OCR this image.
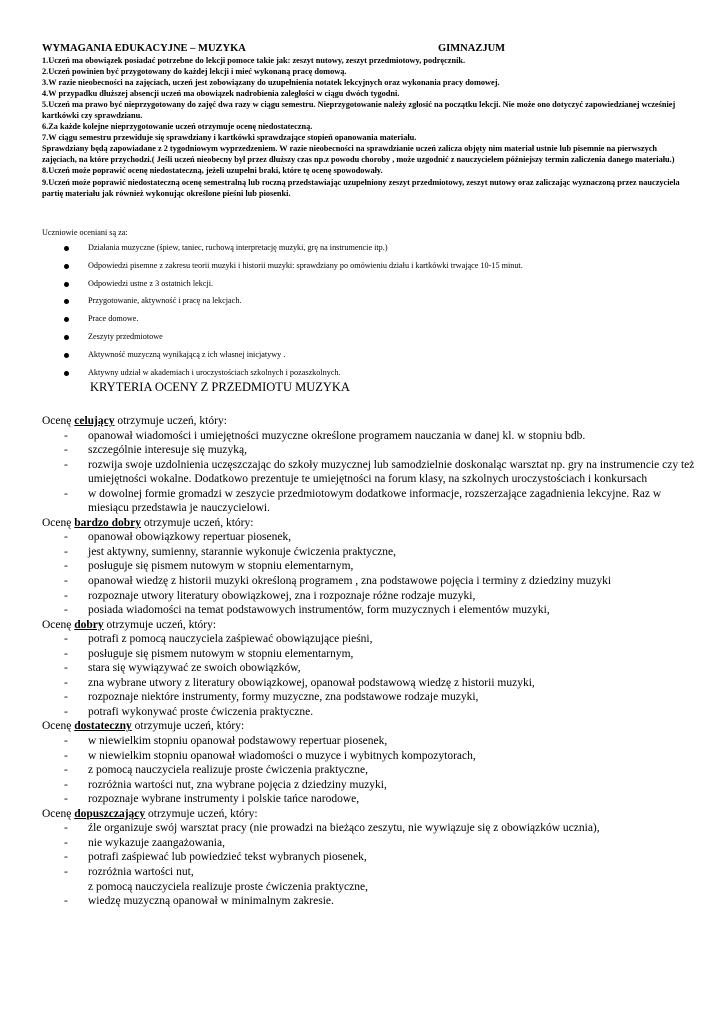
WYMAGANIA EDUKACYJNE – MUZYKA	GIMNAZJUM

1.Uczeń ma obowiązek posiadać potrzebne do lekcji pomoce takie jak: zeszyt nutowy, zeszyt przedmiotowy, podręcznik.

2.Uczeń powinien być przygotowany do każdej lekcji i mieć wykonaną pracę domową.

3.W razie nieobecności na zajęciach, uczeń jest zobowiązany do uzupełnienia notatek lekcyjnych oraz wykonania pracy domowej.

4.W przypadku dłuższej absencji uczeń ma obowiązek nadrobienia zaległości w ciągu dwóch tygodni.

5.Uczeń ma prawo być nieprzygotowany do zajęć dwa razy w ciągu semestru. Nieprzygotowanie należy zgłosić na początku lekcji. Nie może ono dotyczyć zapowiedzianej wcześniej kartkówki czy sprawdzianu.

6.Za każde kolejne nieprzygotowanie uczeń otrzymuje ocenę niedostateczną.

7.W ciągu semestru przewiduje się sprawdziany i kartkówki sprawdzające stopień opanowania materiału.

Sprawdziany będą zapowiadane z 2 tygodniowym wyprzedzeniem. W razie nieobecności na sprawdzianie uczeń zalicza objęty nim materiał ustnie lub pisemnie na pierwszych zajęciach, na które przychodzi.( Jeśli uczeń nieobecny był przez dłuższy czas np.z powodu choroby , może uzgodnić z nauczycielem późniejszy termin zaliczenia danego materiału.)

8.Uczeń może poprawić ocenę niedostateczną, jeżeli uzupełni braki, które tę ocenę spowodowały.

9.Uczeń może poprawić niedostateczną ocenę semestralną lub roczną przedstawiając uzupełniony zeszyt przedmiotowy, zeszyt nutowy oraz zaliczając wyznaczoną przez nauczyciela partię materiału jak również wykonując określone pieśni lub piosenki.

Uczniowie oceniani są za:

Działania muzyczne (śpiew, taniec, ruchową interpretację muzyki, grę na instrumencie itp.)
Odpowiedzi pisemne z zakresu teorii muzyki i historii muzyki: sprawdziany po omówieniu działu i kartkówki trwające 10-15 minut.
Odpowiedzi ustne z 3 ostatnich lekcji.
Przygotowanie, aktywność i pracę na lekcjach.
Prace domowe.
Zeszyty przedmiotowe
Aktywność muzyczną wynikającą z ich własnej inicjatywy .
Aktywny udział w akademiach i uroczystościach szkolnych i pozaszkolnych.
KRYTERIA OCENY Z PRZEDMIOTU MUZYKA

Ocenę celujący otrzymuje uczeń, który:

- opanował wiadomości i umiejętności muzyczne określone programem nauczania w danej kl. w stopniu bdb.
- szczególnie interesuje się muzyką,
- rozwija swoje uzdolnienia uczęszczając do szkoły muzycznej lub samodzielnie doskonaląc warsztat np. gry na instrumencie czy też umiejętności wokalne. Dodatkowo prezentuje te umiejętności na forum klasy, na szkolnych uroczystościach i konkursach
- w dowolnej formie gromadzi w zeszycie przedmiotowym dodatkowe informacje, rozszerzające zagadnienia lekcyjne. Raz w miesiącu przedstawia je nauczycielowi.

Ocenę bardzo dobry otrzymuje uczeń, który:

- opanował obowiązkowy repertuar piosenek,
- jest aktywny, sumienny, starannie wykonuje ćwiczenia praktyczne,
- posługuje się pismem nutowym w stopniu elementarnym,
- opanował wiedzę z historii muzyki określoną programem , zna podstawowe pojęcia i terminy z dziedziny muzyki
- rozpoznaje utwory literatury obowiązkowej, zna i rozpoznaje różne rodzaje muzyki,
- posiada wiadomości na temat podstawowych instrumentów, form muzycznych i elementów muzyki,

Ocenę dobry otrzymuje uczeń, który:

- potrafi z pomocą nauczyciela zaśpiewać obowiązujące pieśni,
- posługuje się pismem nutowym w stopniu elementarnym,
- stara się wywiązywać ze swoich obowiązków,
- zna wybrane utwory z literatury obowiązkowej, opanował podstawową wiedzę z historii muzyki,
- rozpoznaje niektóre instrumenty, formy muzyczne, zna podstawowe rodzaje muzyki,
- potrafi wykonywać proste ćwiczenia praktyczne.

Ocenę dostateczny otrzymuje uczeń, który:

- w niewielkim stopniu opanował podstawowy repertuar piosenek,
- w niewielkim stopniu opanował wiadomości o muzyce i wybitnych kompozytorach,
- z pomocą nauczyciela realizuje proste ćwiczenia praktyczne,
- rozróżnia wartości nut, zna wybrane pojęcia z dziedziny muzyki,
- rozpoznaje wybrane instrumenty i polskie tańce narodowe,

Ocenę dopuszczający otrzymuje uczeń, który:

- źle organizuje swój warsztat pracy (nie prowadzi na bieżąco zeszytu, nie wywiązuje się z obowiązków ucznia),
- nie wykazuje zaangażowania,
- potrafi zaśpiewać lub powiedzieć tekst wybranych piosenek,
- rozróżnia wartości nut,
z pomocą nauczyciela realizuje proste ćwiczenia praktyczne,
- wiedzę muzyczną opanował w minimalnym zakresie.
